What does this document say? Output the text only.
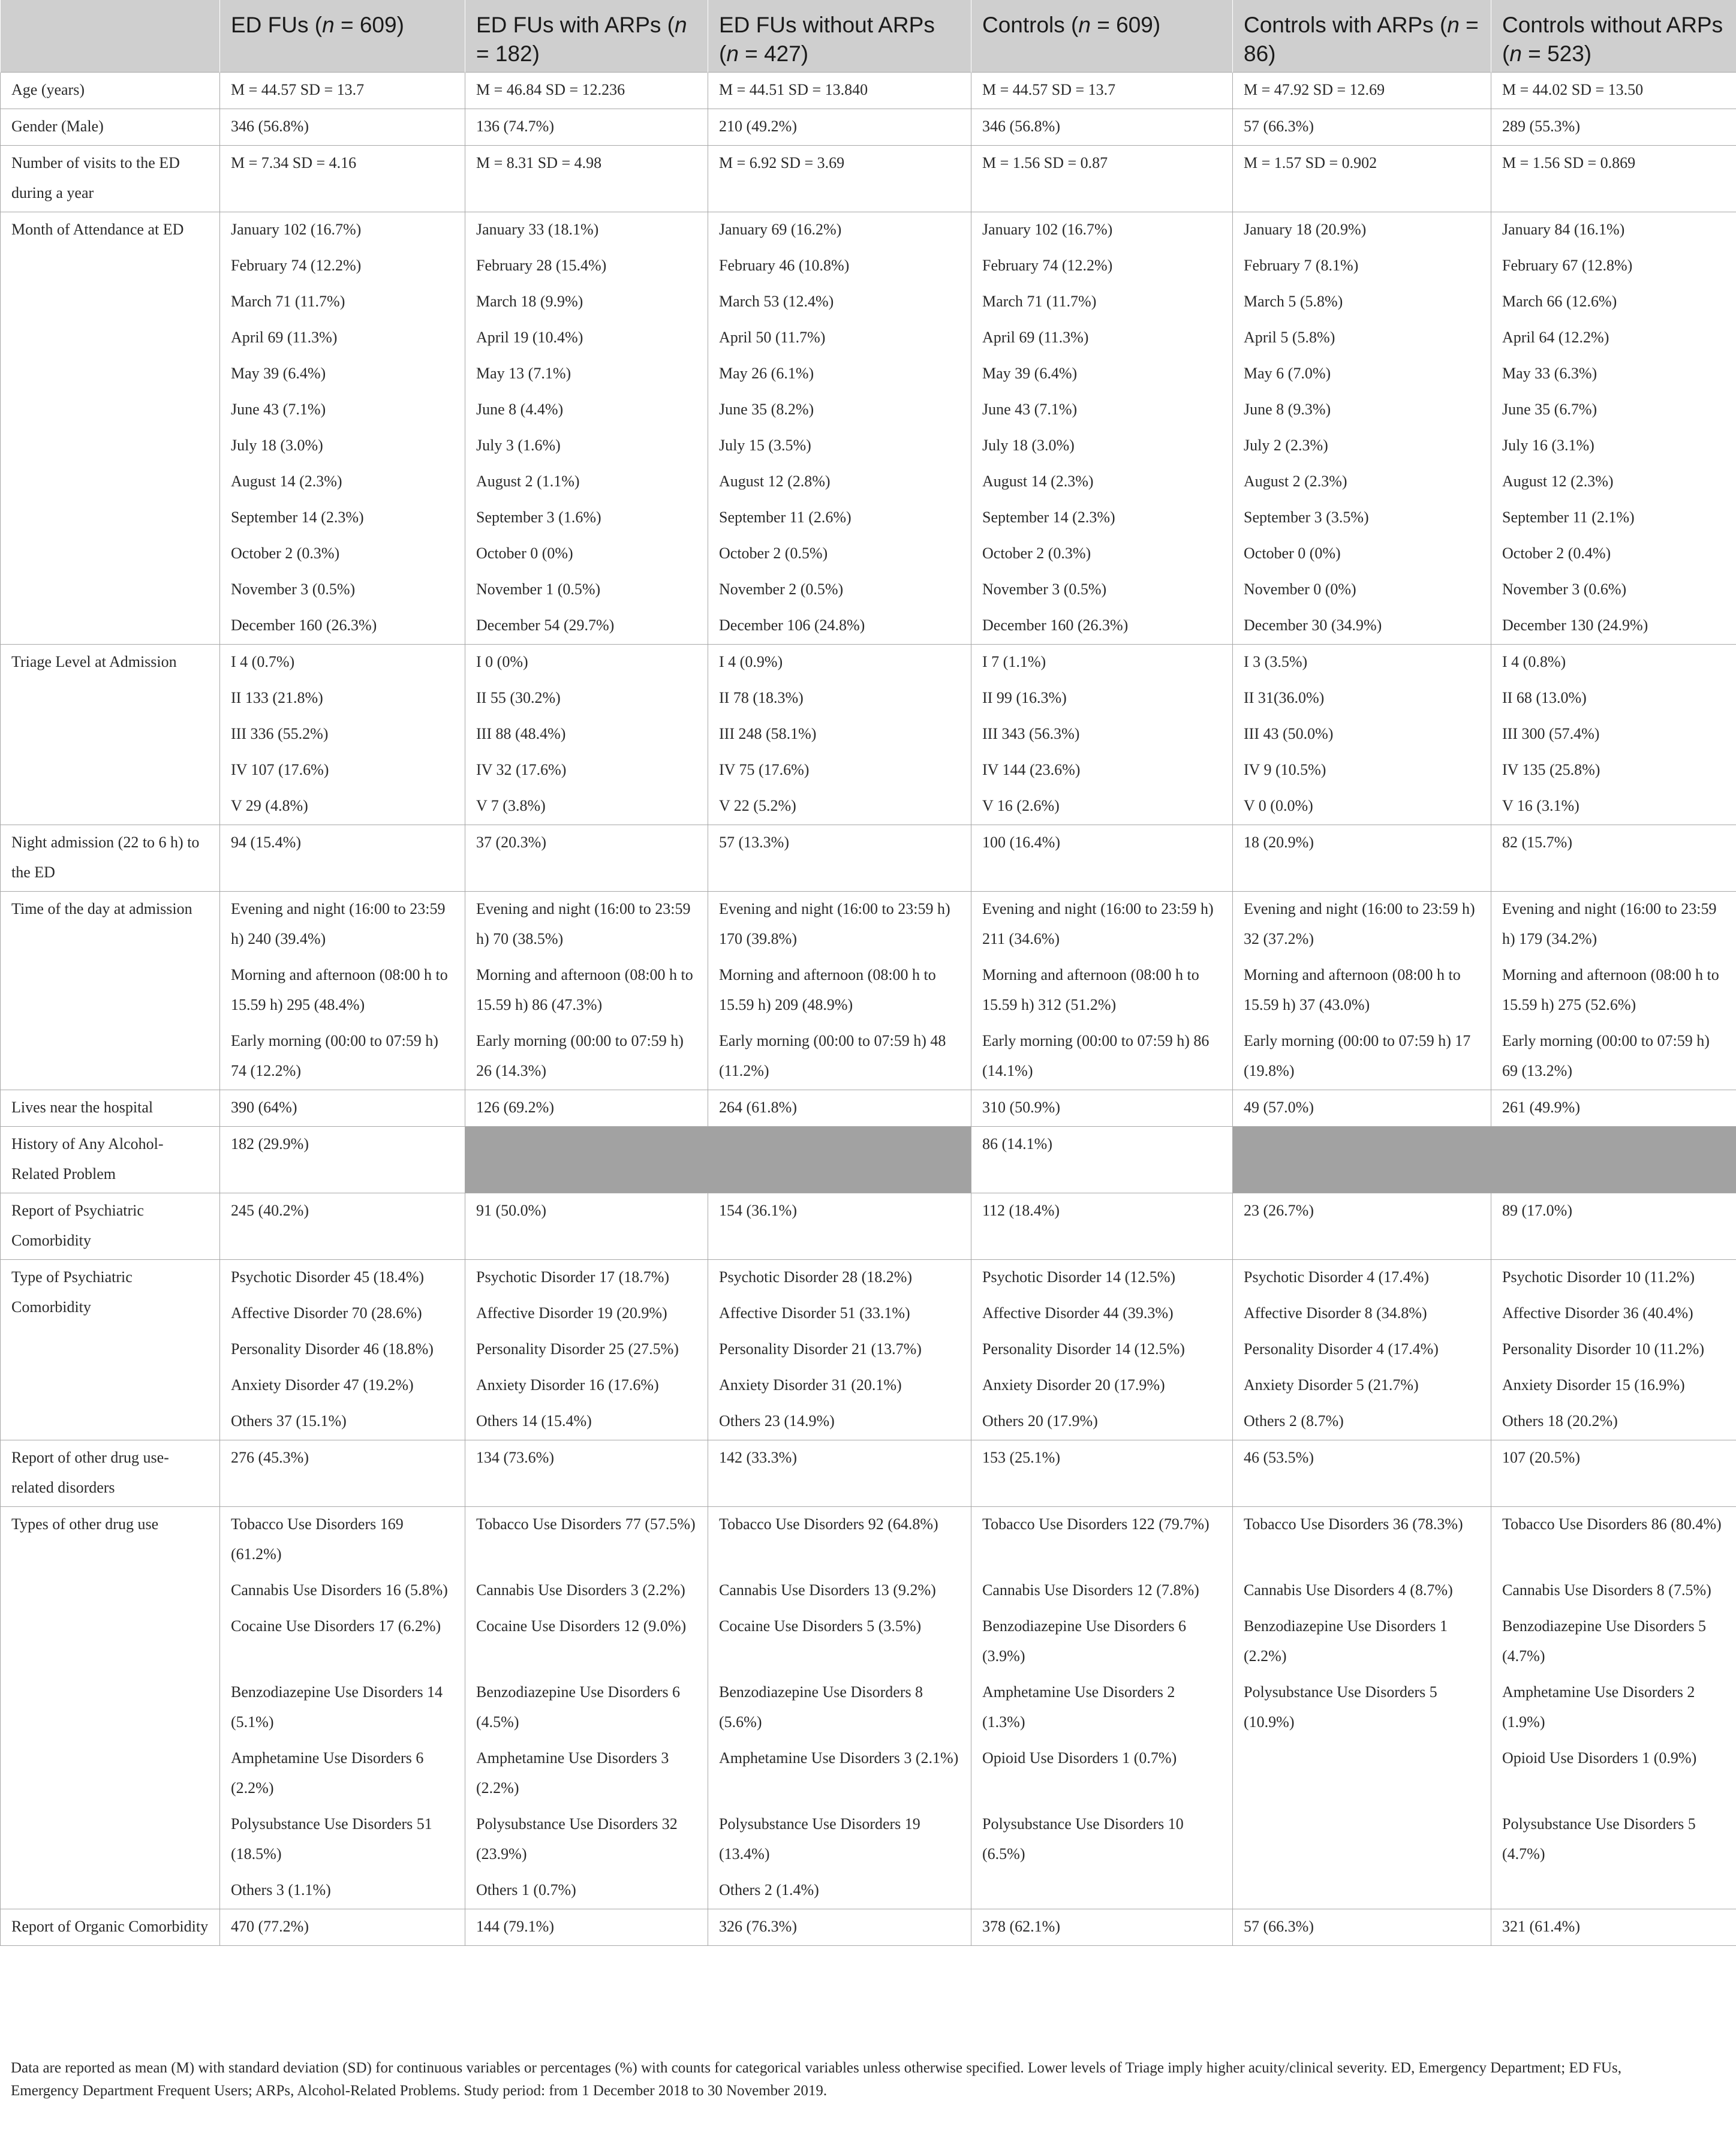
	ED FUs (n = 609)	ED FUs with ARPs (n = 182)	ED FUs without ARPs (n = 427)	Controls (n = 609)	Controls with ARPs (n = 86)	Controls without ARPs (n = 523)
Age (years)	M = 44.57 SD = 13.7	M = 46.84 SD = 12.236	M = 44.51 SD = 13.840	M = 44.57 SD = 13.7	M = 47.92 SD = 12.69	M = 44.02 SD = 13.50
Gender (Male)	346 (56.8%)	136 (74.7%)	210 (49.2%)	346 (56.8%)	57 (66.3%)	289 (55.3%)
Number of visits to the ED during a year	M = 7.34 SD = 4.16	M = 8.31 SD = 4.98	M = 6.92 SD = 3.69	M = 1.56 SD = 0.87	M = 1.57 SD = 0.902	M = 1.56 SD = 0.869
Month of Attendance at ED	January 102 (16.7%)	January 33 (18.1%)	January 69 (16.2%)	January 102 (16.7%)	January 18 (20.9%)	January 84 (16.1%)
	February 74 (12.2%)	February 28 (15.4%)	February 46 (10.8%)	February 74 (12.2%)	February 7 (8.1%)	February 67 (12.8%)
	March 71 (11.7%)	March 18 (9.9%)	March 53 (12.4%)	March 71 (11.7%)	March 5 (5.8%)	March 66 (12.6%)
	April 69 (11.3%)	April 19 (10.4%)	April 50 (11.7%)	April 69 (11.3%)	April 5 (5.8%)	April 64 (12.2%)
	May 39 (6.4%)	May 13 (7.1%)	May 26 (6.1%)	May 39 (6.4%)	May 6 (7.0%)	May 33 (6.3%)
	June 43 (7.1%)	June 8 (4.4%)	June 35 (8.2%)	June 43 (7.1%)	June 8 (9.3%)	June 35 (6.7%)
	July 18 (3.0%)	July 3 (1.6%)	July 15 (3.5%)	July 18 (3.0%)	July 2 (2.3%)	July 16 (3.1%)
	August 14 (2.3%)	August 2 (1.1%)	August 12 (2.8%)	August 14 (2.3%)	August 2 (2.3%)	August 12 (2.3%)
	September 14 (2.3%)	September 3 (1.6%)	September 11 (2.6%)	September 14 (2.3%)	September 3 (3.5%)	September 11 (2.1%)
	October 2 (0.3%)	October 0 (0%)	October 2 (0.5%)	October 2 (0.3%)	October 0 (0%)	October 2 (0.4%)
	November 3 (0.5%)	November 1 (0.5%)	November 2 (0.5%)	November 3 (0.5%)	November 0 (0%)	November 3 (0.6%)
	December 160 (26.3%)	December 54 (29.7%)	December 106 (24.8%)	December 160 (26.3%)	December 30 (34.9%)	December 130 (24.9%)
Triage Level at Admission	I 4 (0.7%)	I 0 (0%)	I 4 (0.9%)	I 7 (1.1%)	I 3 (3.5%)	I 4 (0.8%)
	II 133 (21.8%)	II 55 (30.2%)	II 78 (18.3%)	II 99 (16.3%)	II 31(36.0%)	II 68 (13.0%)
	III 336 (55.2%)	III 88 (48.4%)	III 248 (58.1%)	III 343 (56.3%)	III 43 (50.0%)	III 300 (57.4%)
	IV 107 (17.6%)	IV 32 (17.6%)	IV 75 (17.6%)	IV 144 (23.6%)	IV 9 (10.5%)	IV 135 (25.8%)
	V 29 (4.8%)	V 7 (3.8%)	V 22 (5.2%)	V 16 (2.6%)	V 0 (0.0%)	V 16 (3.1%)
Night admission (22 to 6 h) to the ED	94 (15.4%)	37 (20.3%)	57 (13.3%)	100 (16.4%)	18 (20.9%)	82 (15.7%)
Time of the day at admission	Evening and night (16:00 to 23:59 h) 240 (39.4%)	Evening and night (16:00 to 23:59 h) 70 (38.5%)	Evening and night (16:00 to 23:59 h) 170 (39.8%)	Evening and night (16:00 to 23:59 h) 211 (34.6%)	Evening and night (16:00 to 23:59 h) 32 (37.2%)	Evening and night (16:00 to 23:59 h) 179 (34.2%)
	Morning and afternoon (08:00 h to 15.59 h) 295 (48.4%)	Morning and afternoon (08:00 h to 15.59 h) 86 (47.3%)	Morning and afternoon (08:00 h to 15.59 h) 209 (48.9%)	Morning and afternoon (08:00 h to 15.59 h) 312 (51.2%)	Morning and afternoon (08:00 h to 15.59 h) 37 (43.0%)	Morning and afternoon (08:00 h to 15.59 h) 275 (52.6%)
	Early morning (00:00 to 07:59 h) 74 (12.2%)	Early morning (00:00 to 07:59 h) 26 (14.3%)	Early morning (00:00 to 07:59 h) 48 (11.2%)	Early morning (00:00 to 07:59 h) 86 (14.1%)	Early morning (00:00 to 07:59 h) 17 (19.8%)	Early morning (00:00 to 07:59 h) 69 (13.2%)
Lives near the hospital	390 (64%)	126 (69.2%)	264 (61.8%)	310 (50.9%)	49 (57.0%)	261 (49.9%)
History of Any Alcohol-Related Problem	182 (29.9%)			86 (14.1%)		
Report of Psychiatric Comorbidity	245 (40.2%)	91 (50.0%)	154 (36.1%)	112 (18.4%)	23 (26.7%)	89 (17.0%)
Type of Psychiatric Comorbidity	Psychotic Disorder 45 (18.4%)	Psychotic Disorder 17 (18.7%)	Psychotic Disorder 28 (18.2%)	Psychotic Disorder 14 (12.5%)	Psychotic Disorder 4 (17.4%)	Psychotic Disorder 10 (11.2%)
	Affective Disorder 70 (28.6%)	Affective Disorder 19 (20.9%)	Affective Disorder 51 (33.1%)	Affective Disorder 44 (39.3%)	Affective Disorder 8 (34.8%)	Affective Disorder 36 (40.4%)
	Personality Disorder 46 (18.8%)	Personality Disorder 25 (27.5%)	Personality Disorder 21 (13.7%)	Personality Disorder 14 (12.5%)	Personality Disorder 4 (17.4%)	Personality Disorder 10 (11.2%)
	Anxiety Disorder 47 (19.2%)	Anxiety Disorder 16 (17.6%)	Anxiety Disorder 31 (20.1%)	Anxiety Disorder 20 (17.9%)	Anxiety Disorder 5 (21.7%)	Anxiety Disorder 15 (16.9%)
	Others 37 (15.1%)	Others 14 (15.4%)	Others 23 (14.9%)	Others 20 (17.9%)	Others 2 (8.7%)	Others 18 (20.2%)
Report of other drug use-related disorders	276 (45.3%)	134 (73.6%)	142 (33.3%)	153 (25.1%)	46 (53.5%)	107 (20.5%)
Types of other drug use	Tobacco Use Disorders 169 (61.2%)	Tobacco Use Disorders 77 (57.5%)	Tobacco Use Disorders 92 (64.8%)	Tobacco Use Disorders 122 (79.7%)	Tobacco Use Disorders 36 (78.3%)	Tobacco Use Disorders 86 (80.4%)
	Cannabis Use Disorders 16 (5.8%)	Cannabis Use Disorders 3 (2.2%)	Cannabis Use Disorders 13 (9.2%)	Cannabis Use Disorders 12 (7.8%)	Cannabis Use Disorders 4 (8.7%)	Cannabis Use Disorders 8 (7.5%)
	Cocaine Use Disorders 17 (6.2%)	Cocaine Use Disorders 12 (9.0%)	Cocaine Use Disorders 5 (3.5%)	Benzodiazepine Use Disorders 6 (3.9%)	Benzodiazepine Use Disorders 1 (2.2%)	Benzodiazepine Use Disorders 5 (4.7%)
	Benzodiazepine Use Disorders 14 (5.1%)	Benzodiazepine Use Disorders 6 (4.5%)	Benzodiazepine Use Disorders 8 (5.6%)	Amphetamine Use Disorders 2 (1.3%)	Polysubstance Use Disorders 5 (10.9%)	Amphetamine Use Disorders 2 (1.9%)
	Amphetamine Use Disorders 6 (2.2%)	Amphetamine Use Disorders 3 (2.2%)	Amphetamine Use Disorders 3 (2.1%)	Opioid Use Disorders 1 (0.7%)		Opioid Use Disorders 1 (0.9%)
	Polysubstance Use Disorders 51 (18.5%)	Polysubstance Use Disorders 32 (23.9%)	Polysubstance Use Disorders 19 (13.4%)	Polysubstance Use Disorders 10 (6.5%)		Polysubstance Use Disorders 5 (4.7%)
	Others 3 (1.1%)	Others 1 (0.7%)	Others 2 (1.4%)			
Report of Organic Comorbidity	470 (77.2%)	144 (79.1%)	326 (76.3%)	378 (62.1%)	57 (66.3%)	321 (61.4%)
Data are reported as mean (M) with standard deviation (SD) for continuous variables or percentages (%) with counts for categorical variables unless otherwise specified. Lower levels of Triage imply higher acuity/clinical severity. ED, Emergency Department; ED FUs, Emergency Department Frequent Users; ARPs, Alcohol-Related Problems. Study period: from 1 December 2018 to 30 November 2019.
